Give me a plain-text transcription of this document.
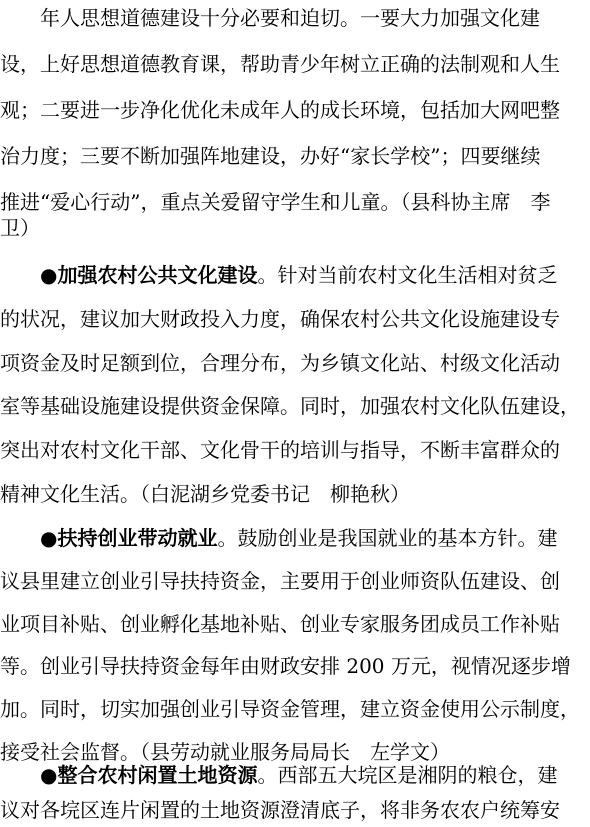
年人思想道德建设十分必要和迫切。一要大力加强文化建
设，上好思想道德教育课，帮助青少年树立正确的法制观和人生
观；二要进一步净化优化未成年人的成长环境，包括加大网吧整
治力度；三要不断加强阵地建设，办好“家长学校”；四要继续
推进“爱心行动”，重点关爱留守学生和儿童。（县科协主席　李
卫）
●加强农村公共文化建设。针对当前农村文化生活相对贫乏
的状况，建议加大财政投入力度，确保农村公共文化设施建设专
项资金及时足额到位，合理分布，为乡镇文化站、村级文化活动
室等基础设施建设提供资金保障。同时，加强农村文化队伍建设，
突出对农村文化干部、文化骨干的培训与指导，不断丰富群众的
精神文化生活。（白泥湖乡党委书记　柳艳秋）
●扶持创业带动就业。鼓励创业是我国就业的基本方针。建
议县里建立创业引导扶持资金，主要用于创业师资队伍建设、创
业项目补贴、创业孵化基地补贴、创业专家服务团成员工作补贴
等。创业引导扶持资金每年由财政安排 200 万元，视情况逐步增
加。同时，切实加强创业引导资金管理，建立资金使用公示制度，
接受社会监督。（县劳动就业服务局局长　左学文）
●整合农村闲置土地资源。西部五大垸区是湘阴的粮仓，建
议对各垸区连片闲置的土地资源澄清底子，将非务农农户统筹安
